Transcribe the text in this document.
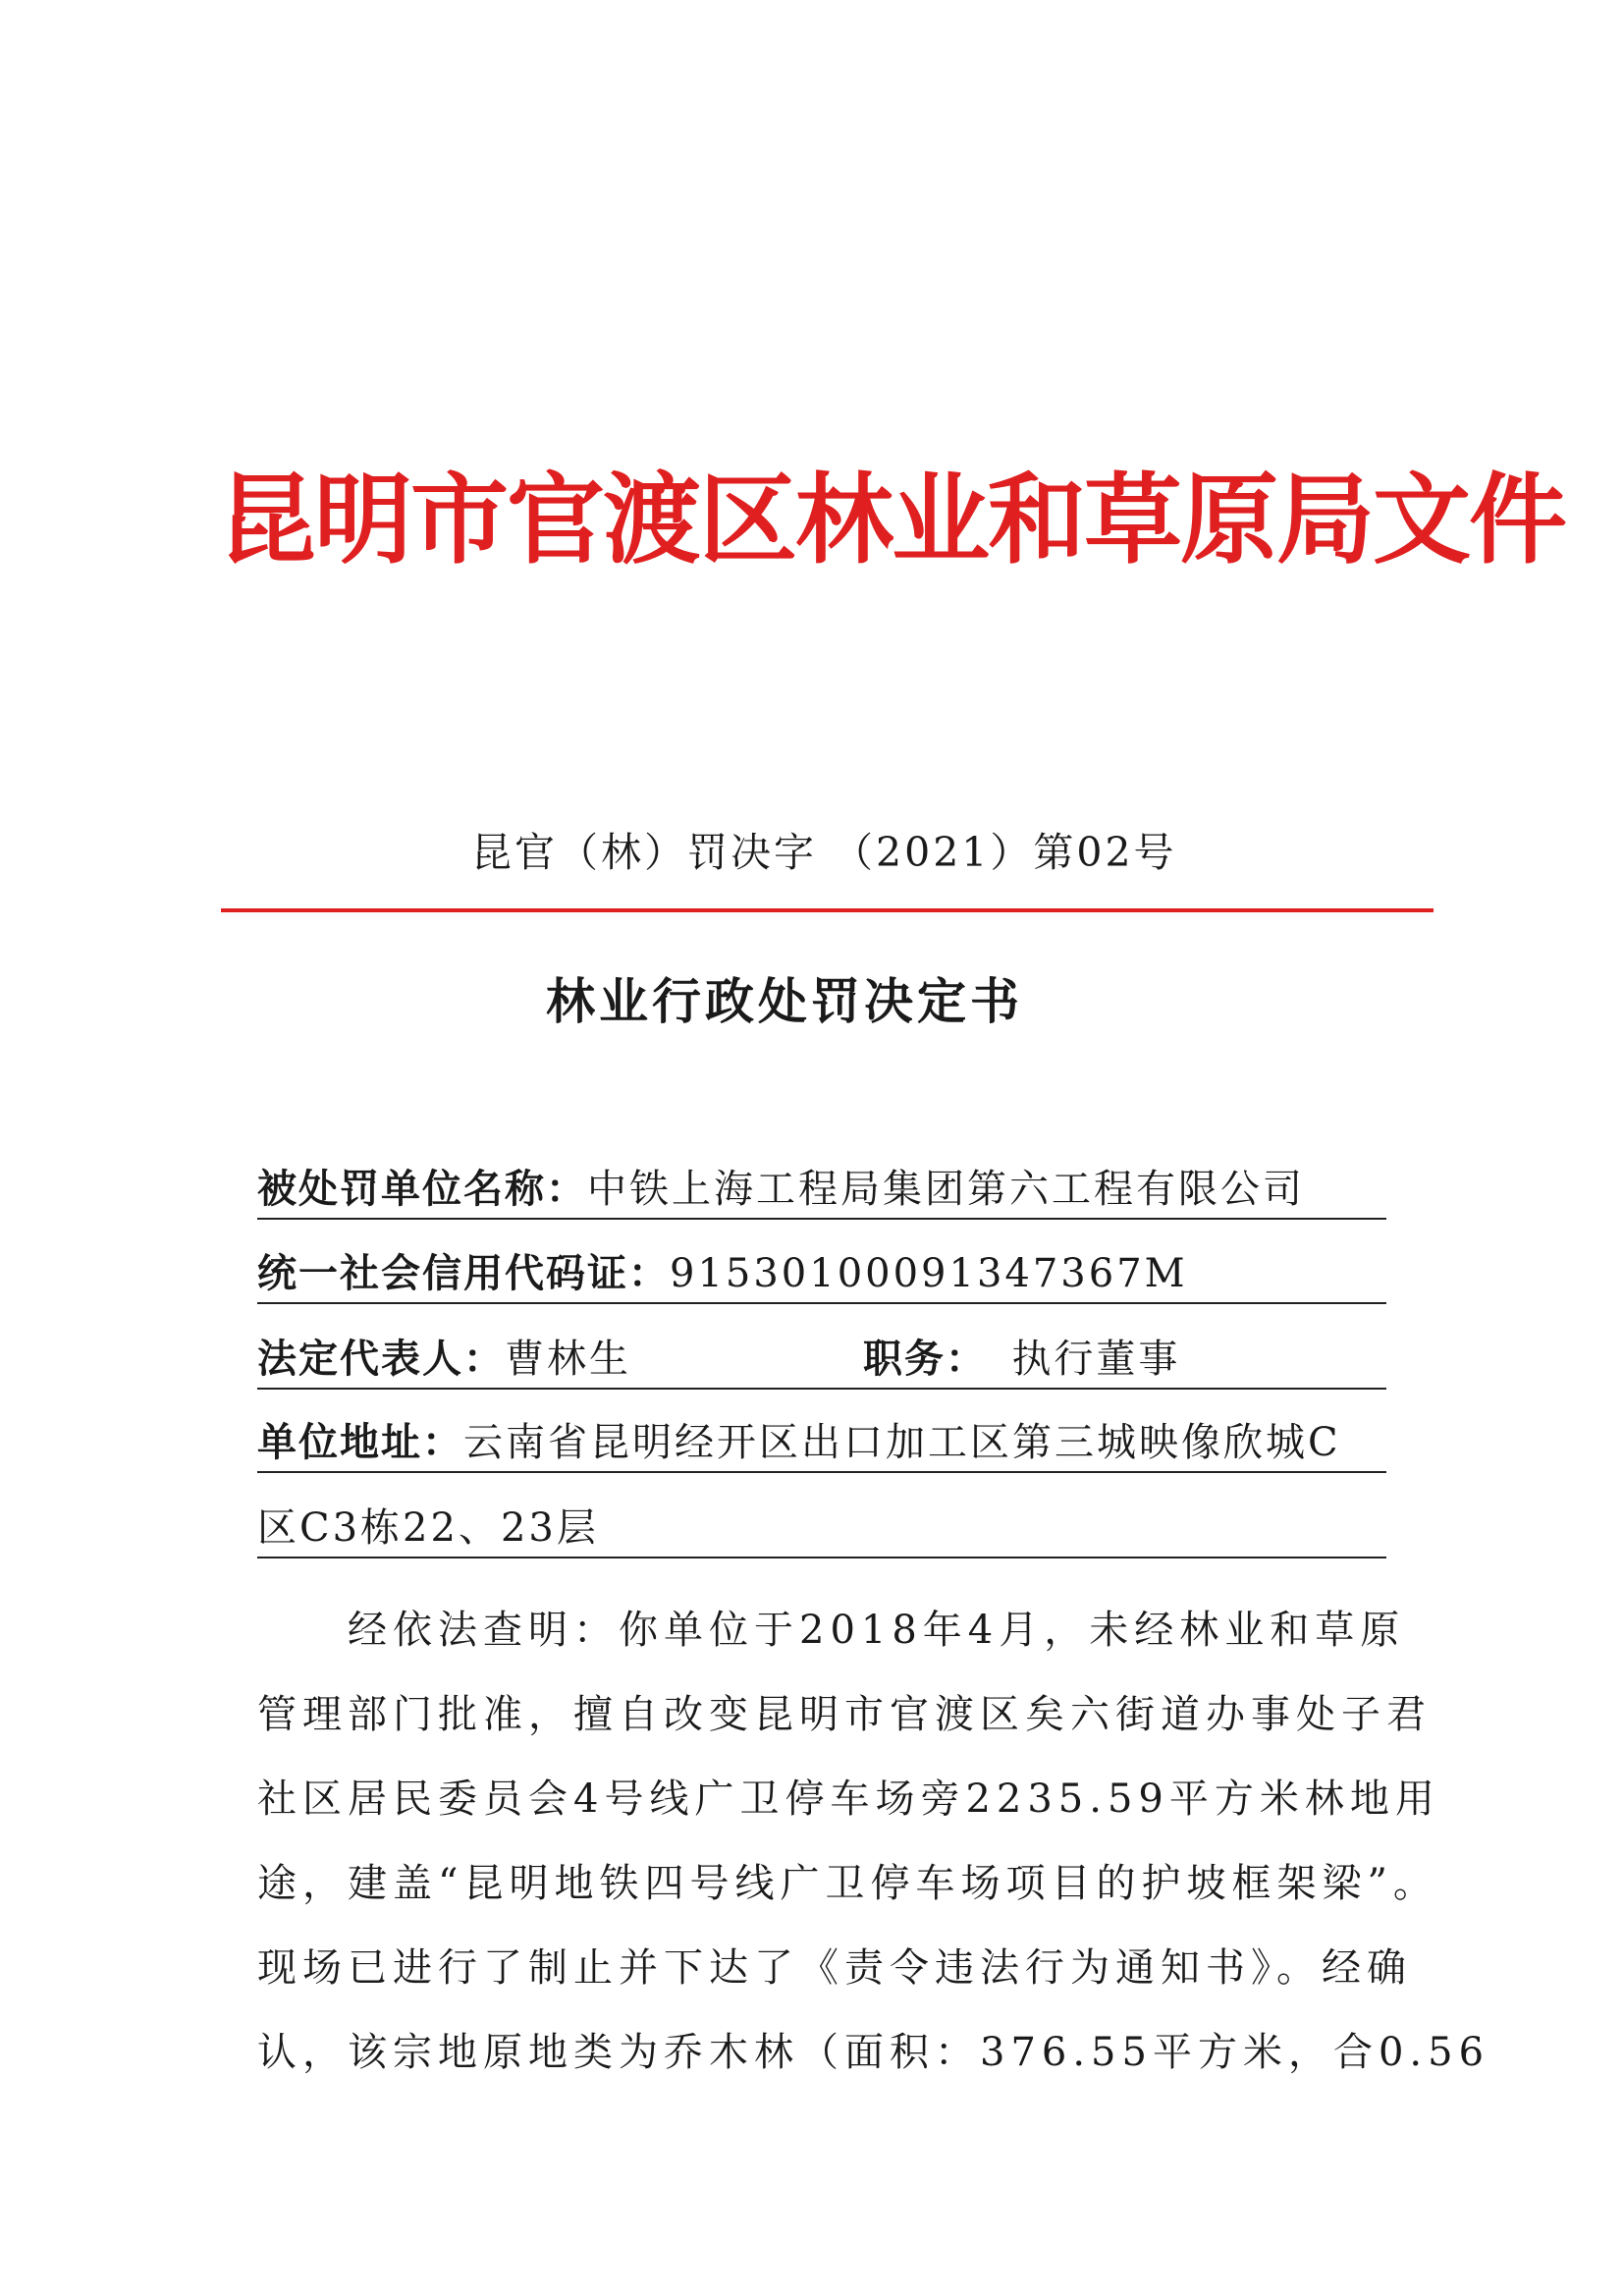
昆明市官渡区林业和草原局文件
昆官（林）罚决字 （2021）第02号
林业行政处罚决定书
被处罚单位名称：中铁上海工程局集团第六工程有限公司
统一社会信用代码证：91530100091347367M
法定代表人：曹林生	职务： 执行董事
单位地址：云南省昆明经开区出口加工区第三城映像欣城C
区C3栋22、23层
　　经依法查明：你单位于2018年4月，未经林业和草原
管理部门批准，擅自改变昆明市官渡区矣六街道办事处子君
社区居民委员会4号线广卫停车场旁2235.59平方米林地用
途，建盖“昆明地铁四号线广卫停车场项目的护坡框架梁”。
现场已进行了制止并下达了《责令违法行为通知书》。经确
认，该宗地原地类为乔木林（面积：376.55平方米，合0.56
